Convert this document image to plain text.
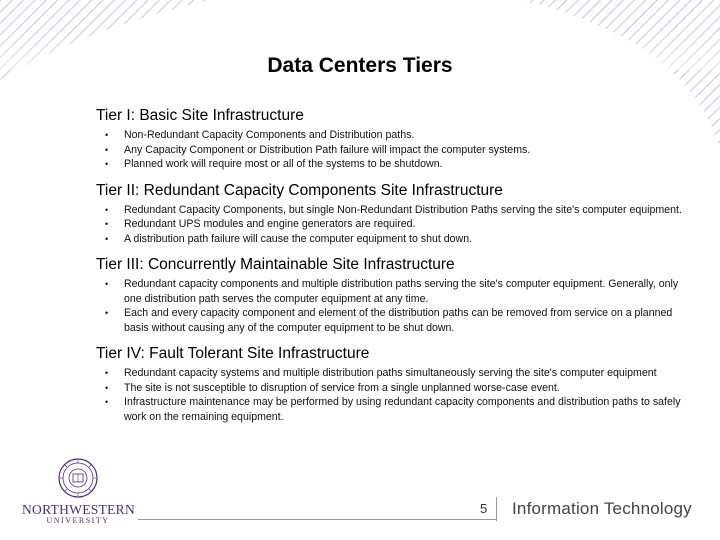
Data Centers Tiers
Tier I: Basic Site Infrastructure
• Non-Redundant Capacity Components and Distribution paths.
• Any Capacity Component or Distribution Path failure will impact the computer systems.
• Planned work will require most or all of the systems to be shutdown.
Tier II: Redundant Capacity Components Site Infrastructure
• Redundant Capacity Components, but single Non-Redundant Distribution Paths serving the site's computer equipment.
• Redundant UPS modules and engine generators are required.
• A distribution path failure will cause the computer equipment to shut down.
Tier III: Concurrently Maintainable Site Infrastructure
• Redundant capacity components and multiple distribution paths serving the site's computer equipment. Generally, only one distribution path serves the computer equipment at any time.
• Each and every capacity component and element of the distribution paths can be removed from service on a planned basis without causing any of the computer equipment to be shut down.
Tier IV: Fault Tolerant Site Infrastructure
• Redundant capacity systems and multiple distribution paths simultaneously serving the site's computer equipment
• The site is not susceptible to disruption of service from a single unplanned worse-case event.
• Infrastructure maintenance may be performed by using redundant capacity components and distribution paths to safely work on the remaining equipment.
NORTHWESTERN
UNIVERSITY
5 Information Technology
